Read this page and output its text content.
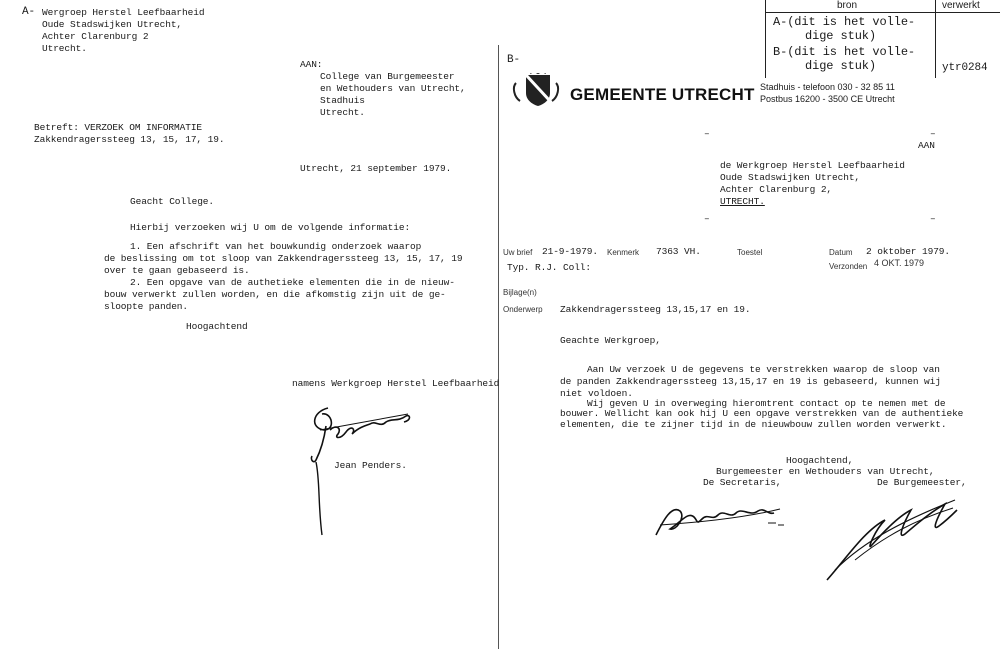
bron	verwerkt
A-(dit is het volle-
dige stuk)
B-(dit is het volle-
dige stuk)	ytr0284
A- Wergroep Herstel Leefbaarheid
Oude Stadswijken Utrecht,
Achter Clarenburg 2
Utrecht.
AAN:
College van Burgemeester
en Wethouders van Utrecht,
Stadhuis
Utrecht.
Betreft: VERZOEK OM INFORMATIE
Zakkendragerssteeg 13, 15, 17, 19.
Utrecht, 21 september 1979.
Geacht College.
Hierbij verzoeken wij U om de volgende informatie:
1. Een afschrift van het bouwkundig onderzoek waarop
de beslissing om tot sloop van Zakkendragerssteeg 13, 15, 17, 19
over te gaan gebaseerd is.
2. Een opgave van de authetieke elementen die in de nieuw-
bouw verwerkt zullen worden, en die afkomstig zijn uit de ge-
sloopte panden.
Hoogachtend
namens Werkgroep Herstel Leefbaarheid
Jean Penders.
B-
GEMEENTE UTRECHT Stadhuis - telefoon 030 - 32 85 11
Postbus 16200 - 3500 CE Utrecht
–	–
AAN
de Werkgroep Herstel Leefbaarheid
Oude Stadswijken Utrecht,
Achter Clarenburg 2,
UTRECHT.
–	–
Uw brief 21-9-1979. Kenmerk 7363 VH.	Toestel	Datum 2 oktober 1979.
Typ. R.J. Coll:	Verzonden 4 OKT. 1979
Bijlage(n)
Onderwerp Zakkendragerssteeg 13,15,17 en 19.
Geachte Werkgroep,
Aan Uw verzoek U de gegevens te verstrekken waarop de sloop van
de panden Zakkendragerssteeg 13,15,17 en 19 is gebaseerd, kunnen wij
niet voldoen.
Wij geven U in overweging hieromtrent contact op te nemen met de
bouwer. Wellicht kan ook hij U een opgave verstrekken van de authentieke
elementen, die te zijner tijd in de nieuwbouw zullen worden verwerkt.
Hoogachtend,
Burgemeester en Wethouders van Utrecht,
De Secretaris,	De Burgemeester,
